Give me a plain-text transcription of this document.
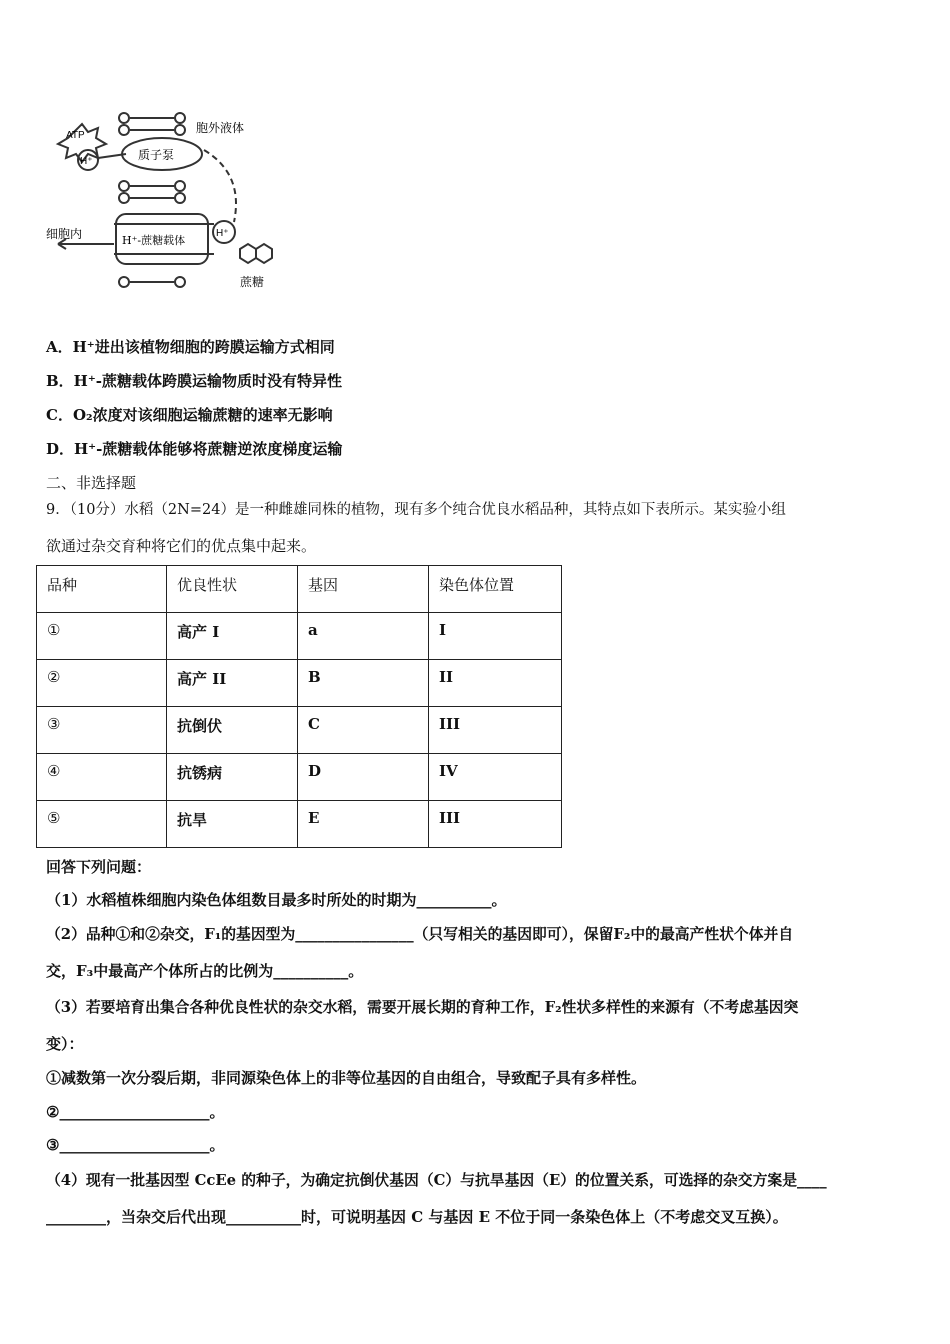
ATP
H⁺	质子泵
胞外液体
细胞内	H⁺-蔗糖载体
H⁺
蔗糖
A．H⁺进出该植物细胞的跨膜运输方式相同
B．H⁺-蔗糖载体跨膜运输物质时没有特异性
C．O₂浓度对该细胞运输蔗糖的速率无影响
D．H⁺-蔗糖载体能够将蔗糖逆浓度梯度运输
二、非选择题
9．（10分）水稻（2N=24）是一种雌雄同株的植物，现有多个纯合优良水稻品种，其特点如下表所示。某实验小组
欲通过杂交育种将它们的优点集中起来。
品种	优良性状	基因	染色体位置
①	高产 I	a	I
②	高产 II	B	II
③	抗倒伏	C	III
④	抗锈病	D	IV
⑤	抗旱	E	III
回答下列问题：
（1）水稻植株细胞内染色体组数目最多时所处的时期为__________。
（2）品种①和②杂交，F₁的基因型为________________（只写相关的基因即可），保留F₂中的最高产性状个体并自
交，F₃中最高产个体所占的比例为__________。
（3）若要培育出集合各种优良性状的杂交水稻，需要开展长期的育种工作，F₂性状多样性的来源有（不考虑基因突
变）：
①减数第一次分裂后期，非同源染色体上的非等位基因的自由组合，导致配子具有多样性。
②____________________。
③____________________。
（4）现有一批基因型 CcEe 的种子，为确定抗倒伏基因（C）与抗旱基因（E）的位置关系，可选择的杂交方案是____
________，当杂交后代出现__________时，可说明基因 C 与基因 E 不位于同一条染色体上（不考虑交叉互换）。
